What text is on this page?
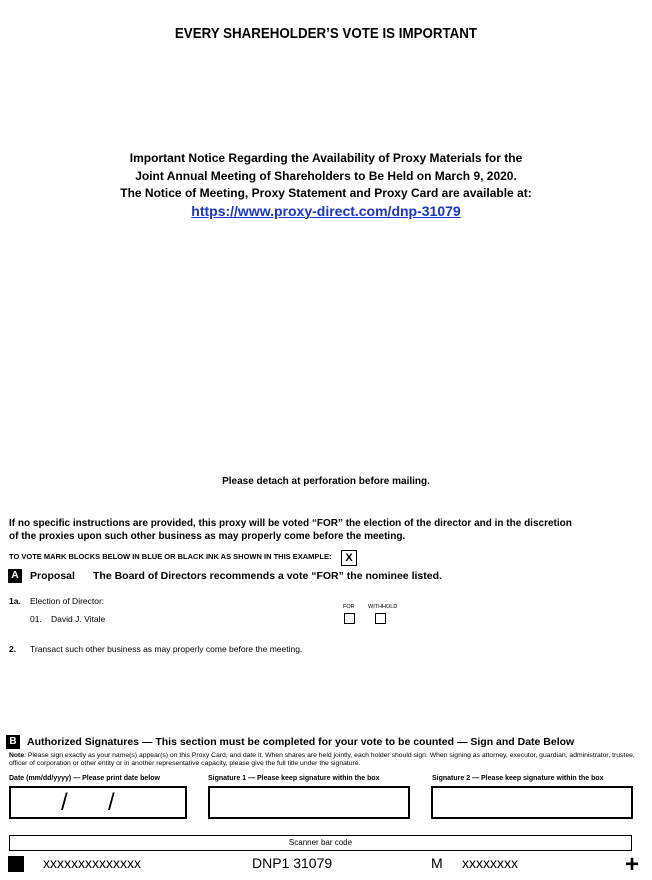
EVERY SHAREHOLDER’S VOTE IS IMPORTANT
Important Notice Regarding the Availability of Proxy Materials for the
Joint Annual Meeting of Shareholders to Be Held on March 9, 2020.
The Notice of Meeting, Proxy Statement and Proxy Card are available at:
https://www.proxy-direct.com/dnp-31079
Please detach at perforation before mailing.
If no specific instructions are provided, this proxy will be voted “FOR” the election of the director and in the discretion
of the proxies upon such other business as may properly come before the meeting.
TO VOTE MARK BLOCKS BELOW IN BLUE OR BLACK INK AS SHOWN IN THIS EXAMPLE:	X
A	Proposal The Board of Directors recommends a vote “FOR” the nominee listed.
1a. Election of Director:
01. David J. Vitale
FOR WITHHOLD
2. Transact such other business as may properly come before the meeting.
B Authorized Signatures — This section must be completed for your vote to be counted — Sign and Date Below
Note: Please sign exactly as your name(s) appear(s) on this Proxy Card, and date it. When shares are held jointly, each holder should sign. When signing as attorney, executor, guardian, administrator, trustee, officer of corporation or other entity or in another representative capacity, please give the full title under the signature.
Date (mm/dd/yyyy) — Please print date below	Signature 1 — Please keep signature within the box	Signature 2 — Please keep signature within the box
/ /
Scanner bar code
xxxxxxxxxxxxxx	DNP1 31079	M xxxxxxxx	+
